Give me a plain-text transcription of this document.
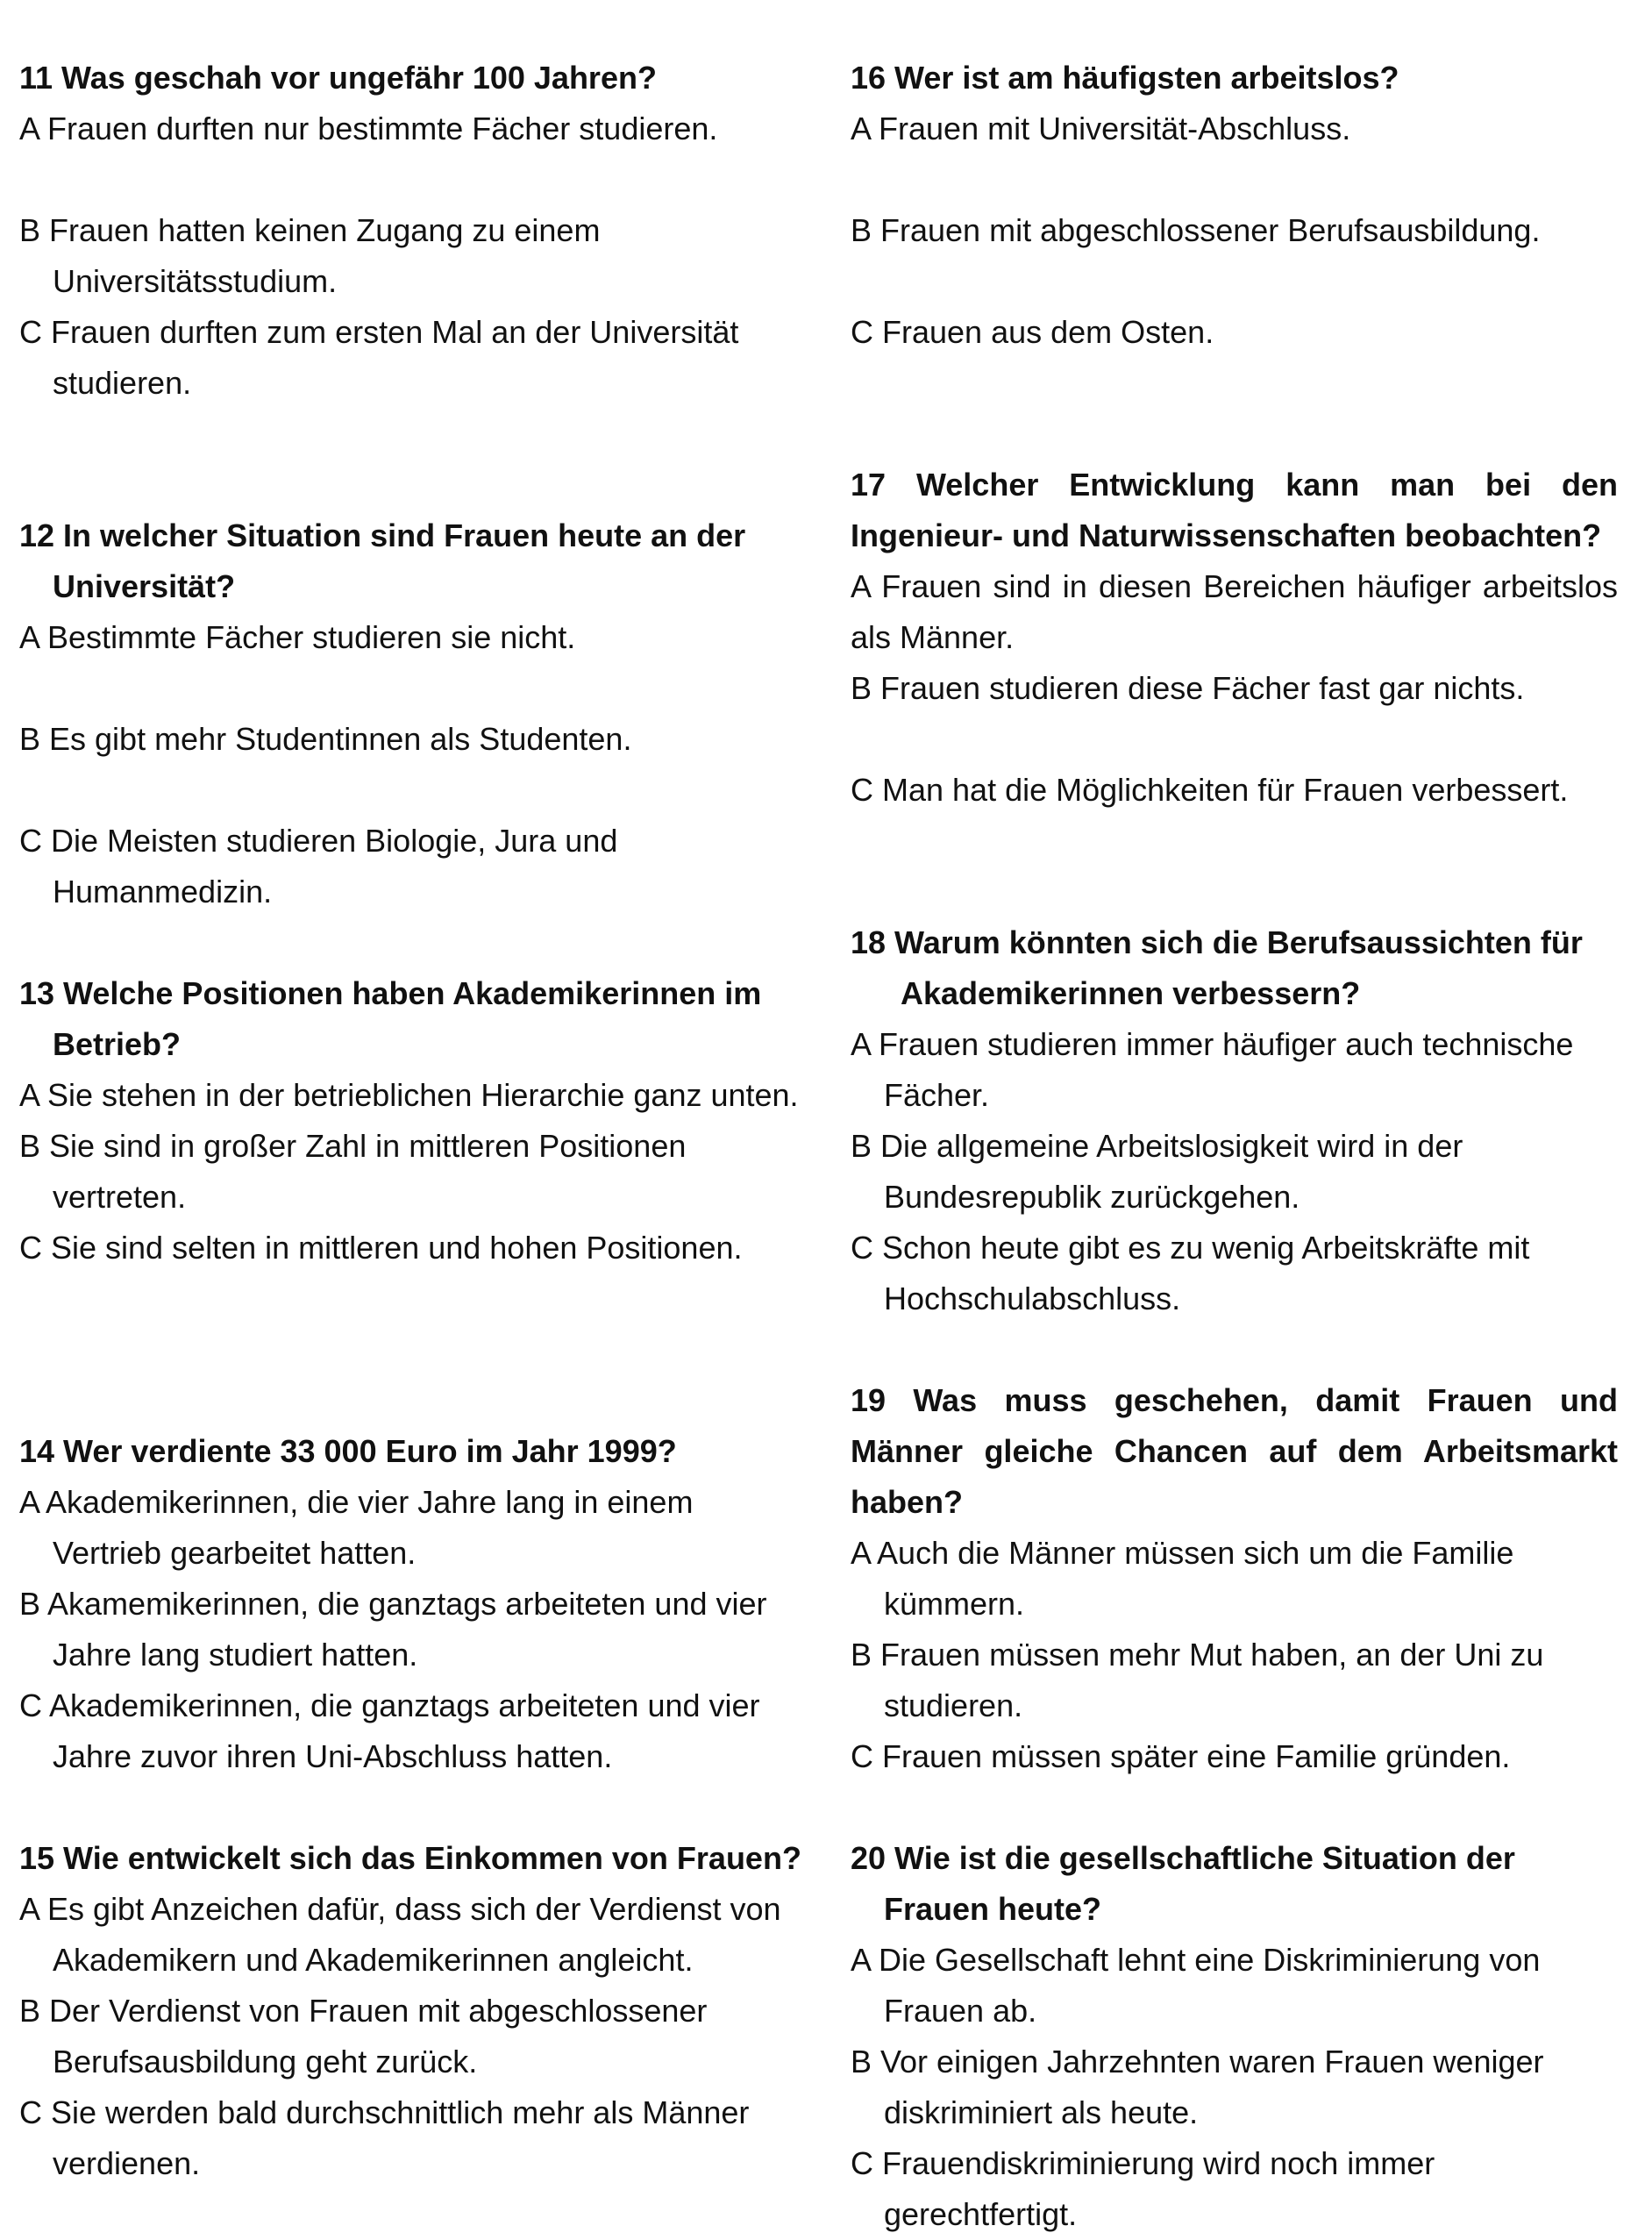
11 Was geschah vor ungefähr 100 Jahren?

A Frauen durften nur bestimmte Fächer studieren.

B Frauen hatten keinen Zugang zu einem Universitätsstudium.

C Frauen durften zum ersten Mal an der Universität studieren.

12 In welcher Situation sind Frauen heute an der Universität?

A Bestimmte Fächer studieren sie nicht.

B Es gibt mehr Studentinnen als Studenten.

C Die Meisten studieren Biologie, Jura und Humanmedizin.

13 Welche Positionen haben Akademikerinnen im Betrieb?

A Sie stehen in der betrieblichen Hierarchie ganz unten.

B Sie sind in großer Zahl in mittleren Positionen vertreten.

C Sie sind selten in mittleren und hohen Positionen.

14 Wer verdiente 33 000 Euro im Jahr 1999?

A Akademikerinnen, die vier Jahre lang in einem Vertrieb gearbeitet hatten.

B Akamemikerinnen, die ganztags arbeiteten und vier Jahre lang studiert hatten.

C Akademikerinnen, die ganztags arbeiteten und vier Jahre zuvor ihren Uni-Abschluss hatten.

15 Wie entwickelt sich das Einkommen von Frauen?

A Es gibt Anzeichen dafür, dass sich der Verdienst von Akademikern und Akademikerinnen angleicht.

B Der Verdienst von Frauen mit abgeschlossener Berufsausbildung geht zurück.

C Sie werden bald durchschnittlich mehr als Männer verdienen.

16 Wer ist am häufigsten arbeitslos?

A Frauen mit Universität-Abschluss.

B Frauen mit abgeschlossener Berufsausbildung.

C Frauen aus dem Osten.

17 Welcher Entwicklung kann man bei den Ingenieur- und Naturwissenschaften beobachten?

A Frauen sind in diesen Bereichen häufiger arbeitslos als Männer.

B Frauen studieren diese Fächer fast gar nichts.

C Man hat die Möglichkeiten für Frauen verbessert.

18 Warum könnten sich die Berufsaussichten für Akademikerinnen verbessern?

A Frauen studieren immer häufiger auch technische Fächer.

B Die allgemeine Arbeitslosigkeit wird in der Bundesrepublik zurückgehen.

C Schon heute gibt es zu wenig Arbeitskräfte mit Hochschulabschluss.

19 Was muss geschehen, damit Frauen und Männer gleiche Chancen auf dem Arbeitsmarkt haben?

A Auch die Männer müssen sich um die Familie kümmern.

B Frauen müssen mehr Mut haben, an der Uni zu studieren.

C Frauen müssen später eine Familie gründen.

20 Wie ist die gesellschaftliche Situation der Frauen heute?

A Die Gesellschaft lehnt eine Diskriminierung von Frauen ab.

B Vor einigen Jahrzehnten waren Frauen weniger diskriminiert als heute.

C Frauendiskriminierung wird noch immer gerechtfertigt.
